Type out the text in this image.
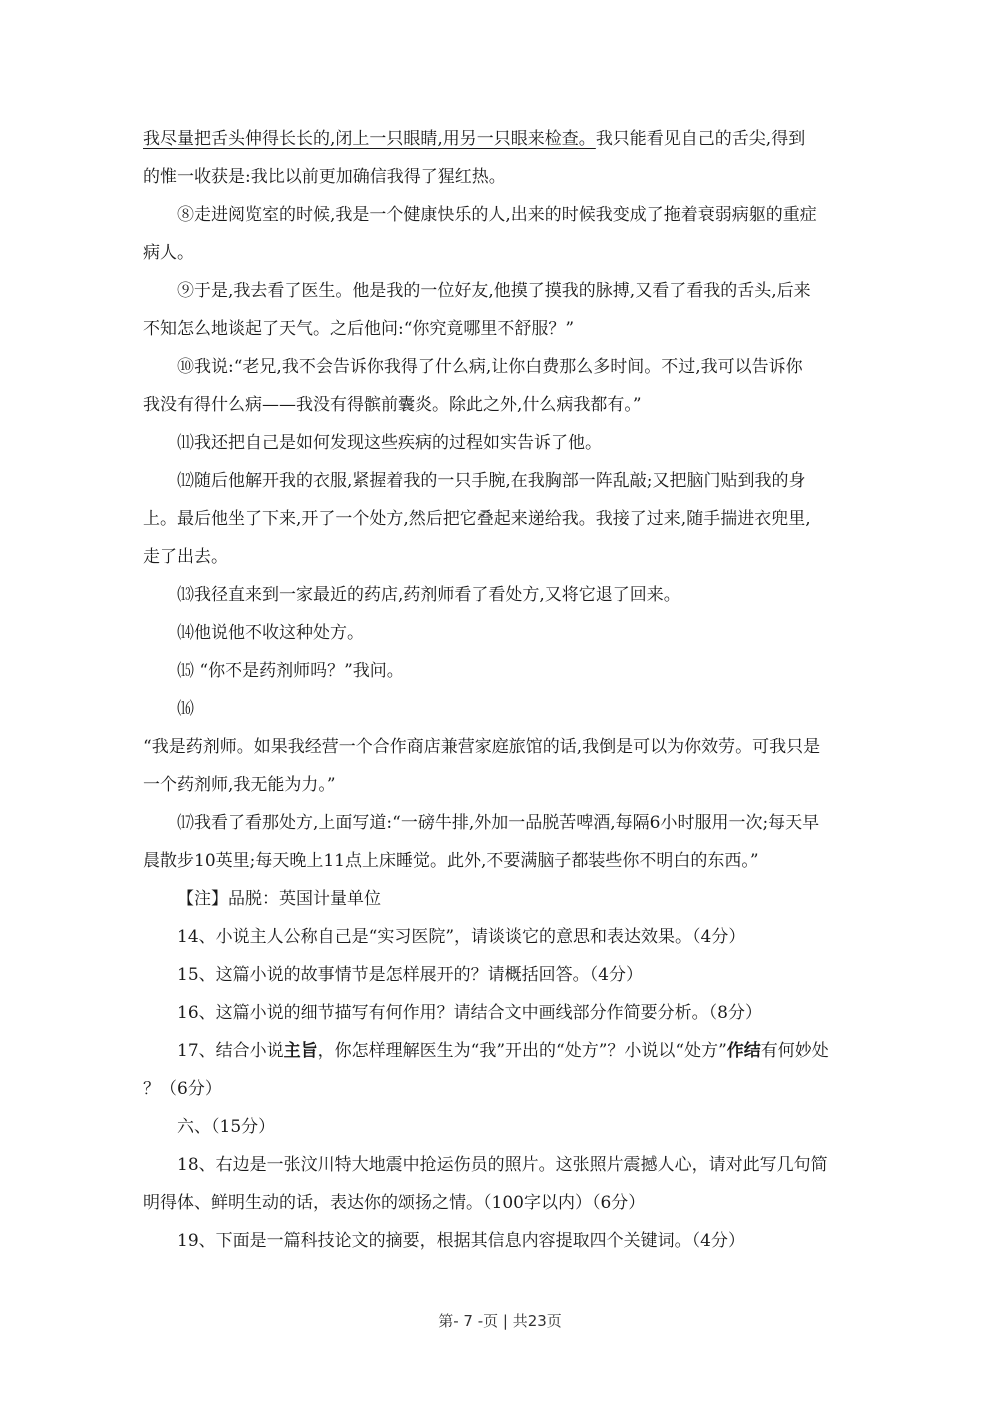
我尽量把舌头伸得长长的,闭上一只眼睛,用另一只眼来检查。我只能看见自己的舌尖,得到

的惟一收获是:我比以前更加确信我得了猩红热。

⑧走进阅览室的时候,我是一个健康快乐的人,出来的时候我变成了拖着衰弱病躯的重症

病人。

⑨于是,我去看了医生。他是我的一位好友,他摸了摸我的脉搏,又看了看我的舌头,后来

不知怎么地谈起了天气。之后他问:“你究竟哪里不舒服？”

⑩我说:“老兄,我不会告诉你我得了什么病,让你白费那么多时间。不过,我可以告诉你

我没有得什么病——我没有得髌前囊炎。除此之外,什么病我都有。”

⑾我还把自己是如何发现这些疾病的过程如实告诉了他。

⑿随后他解开我的衣服,紧握着我的一只手腕,在我胸部一阵乱敲;又把脑门贴到我的身

上。最后他坐了下来,开了一个处方,然后把它叠起来递给我。我接了过来,随手揣进衣兜里,

走了出去。

⒀我径直来到一家最近的药店,药剂师看了看处方,又将它退了回来。

⒁他说他不收这种处方。

⒂ “你不是药剂师吗？”我问。

⒃

“我是药剂师。如果我经营一个合作商店兼营家庭旅馆的话,我倒是可以为你效劳。可我只是

一个药剂师,我无能为力。”

⒄我看了看那处方,上面写道:“一磅牛排,外加一品脱苦啤酒,每隔6小时服用一次;每天早

晨散步10英里;每天晚上11点上床睡觉。此外,不要满脑子都装些你不明白的东西。”

【注】品脱：英国计量单位

14、小说主人公称自己是“实习医院”，请谈谈它的意思和表达效果。（4分）

15、这篇小说的故事情节是怎样展开的？请概括回答。（4分）

16、这篇小说的细节描写有何作用？请结合文中画线部分作简要分析。（8分）

17、结合小说主旨，你怎样理解医生为“我”开出的“处方”？小说以“处方”作结有何妙处

？（6分）

六、（15分）

18、右边是一张汶川特大地震中抢运伤员的照片。这张照片震撼人心，请对此写几句简

明得体、鲜明生动的话，表达你的颂扬之情。（100字以内）（6分）

19、下面是一篇科技论文的摘要，根据其信息内容提取四个关键词。（4分）

第- 7 -页 | 共23页
